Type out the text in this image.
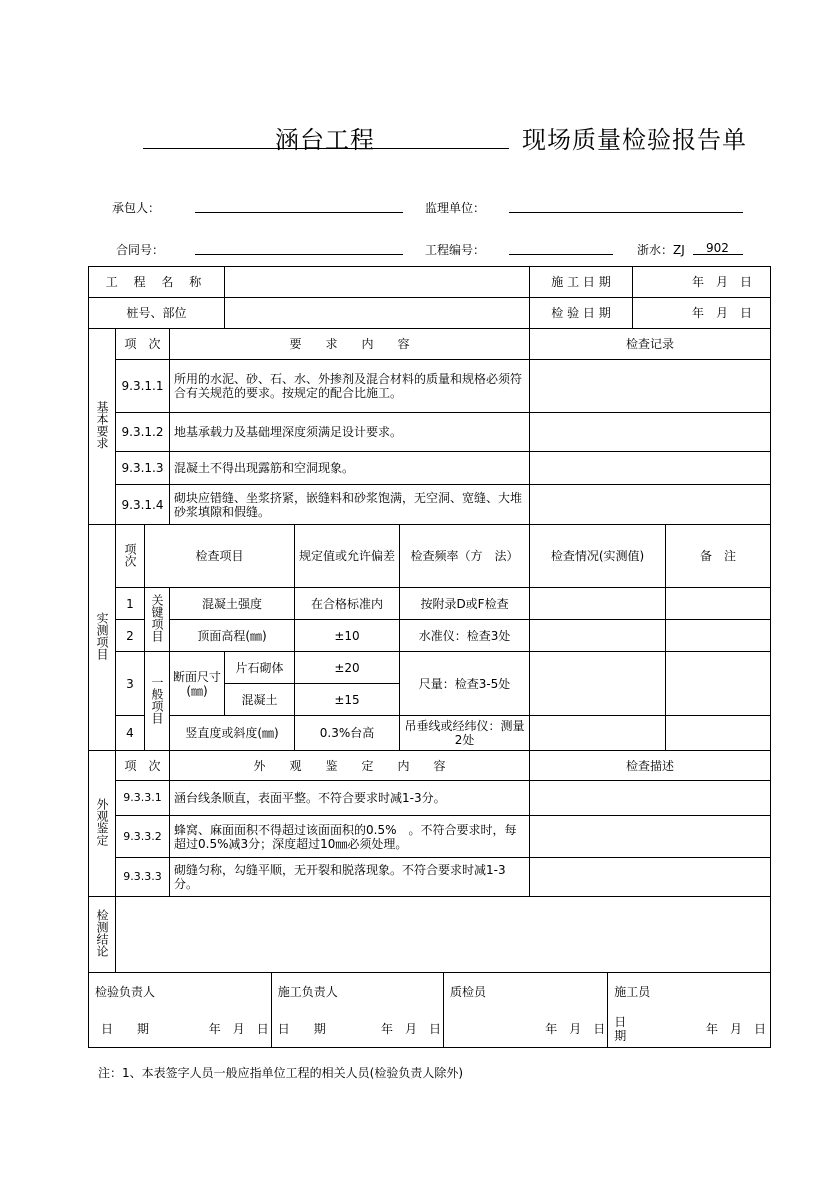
涵台工程	现场质量检验报告单
承包人：	监理单位：
合同号：	工程编号：	浙水：ZJ 902
工 程 名 称		施 工 日 期	年　月　日
桩号、部位		检 验 日 期	年　月　日
基本要求	项　次	要　　求　　内　　容	检查记录
9.3.1.1	所用的水泥、砂、石、水、外掺剂及混合材料的质量和规格必须符合有关规范的要求。按规定的配合比施工。	
9.3.1.2	地基承载力及基础埋深度须满足设计要求。	
9.3.1.3	混凝土不得出现露筋和空洞现象。	
9.3.1.4	砌块应错缝、坐浆挤紧，嵌缝料和砂浆饱满，无空洞、宽缝、大堆砂浆填隙和假缝。	
实测项目	项次	检查项目	规定值或允许偏差	检查频率（方　法）	检查情况(实测值)	备　注
1	关键项目	混凝土强度	在合格标准内	按附录D或F检查		
2	顶面高程(㎜)	±10	水准仪：检查3处		
3	一般项目	断面尺寸(㎜)	片石砌体	±20	尺量：检查3-5处		
混凝土	±15
4	竖直度或斜度(㎜)	0.3%台高	吊垂线或经纬仪：测量2处		
外观鉴定	项　次	外　　观　　鉴　　定　　内　　容	检查描述
9.3.3.1	涵台线条顺直，表面平整。不符合要求时减1-3分。	
9.3.3.2	蜂窝、麻面面积不得超过该面面积的0.5%　。不符合要求时，每超过0.5%减3分；深度超过10㎜必须处理。	
9.3.3.3	砌缝匀称，勾缝平顺，无开裂和脱落现象。不符合要求时减1-3分。	
检测结论	

检验负责人		施工负责人		质检员		施工员	
日　　期	年　月　日	日　　期	年　月　日		年　月　日	日　　期	年　月　日
注：1、本表签字人员一般应指单位工程的相关人员(检验负责人除外)
